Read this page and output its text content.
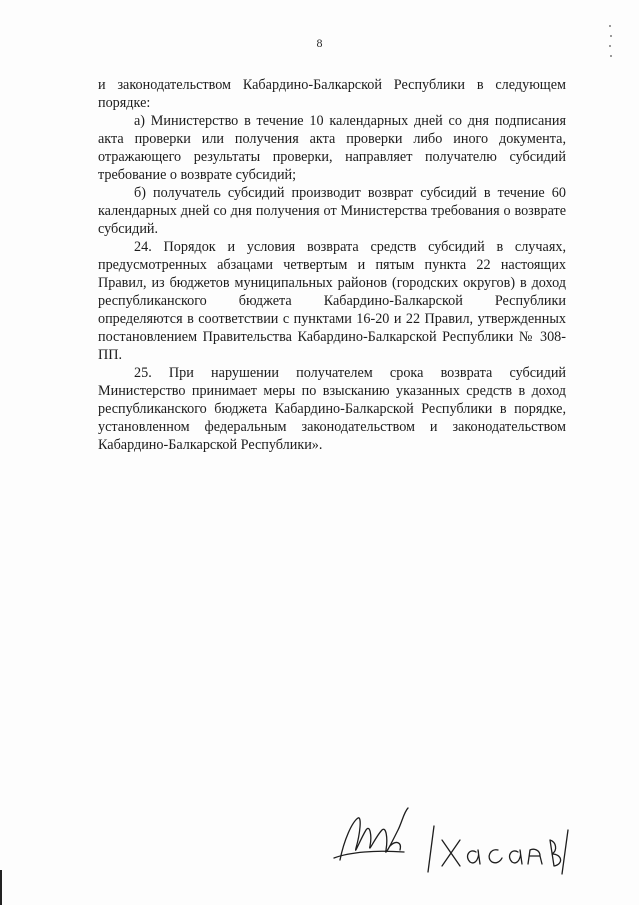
8

и законодательством Кабардино-Балкарской Республики в следующем порядке:

а) Министерство в течение 10 календарных дней со дня подписания акта проверки или получения акта проверки либо иного документа, отражающего результаты проверки, направляет получателю субсидий требование о возврате субсидий;

б) получатель субсидий производит возврат субсидий в течение 60 календарных дней со дня получения от Министерства требования о возврате субсидий.

24. Порядок и условия возврата средств субсидий в случаях, предусмотренных абзацами четвертым и пятым пункта 22 настоящих Правил, из бюджетов муниципальных районов (городских округов) в доход республиканского бюджета Кабардино-Балкарской Республики определяются в соответствии с пунктами 16-20 и 22 Правил, утвержденных постановлением Правительства Кабардино-Балкарской Республики № 308-ПП.

25. При нарушении получателем срока возврата субсидий Министерство принимает меры по взысканию указанных средств в доход республиканского бюджета Кабардино-Балкарской Республики в порядке, установленном федеральным законодательством и законодательством Кабардино-Балкарской Республики».
